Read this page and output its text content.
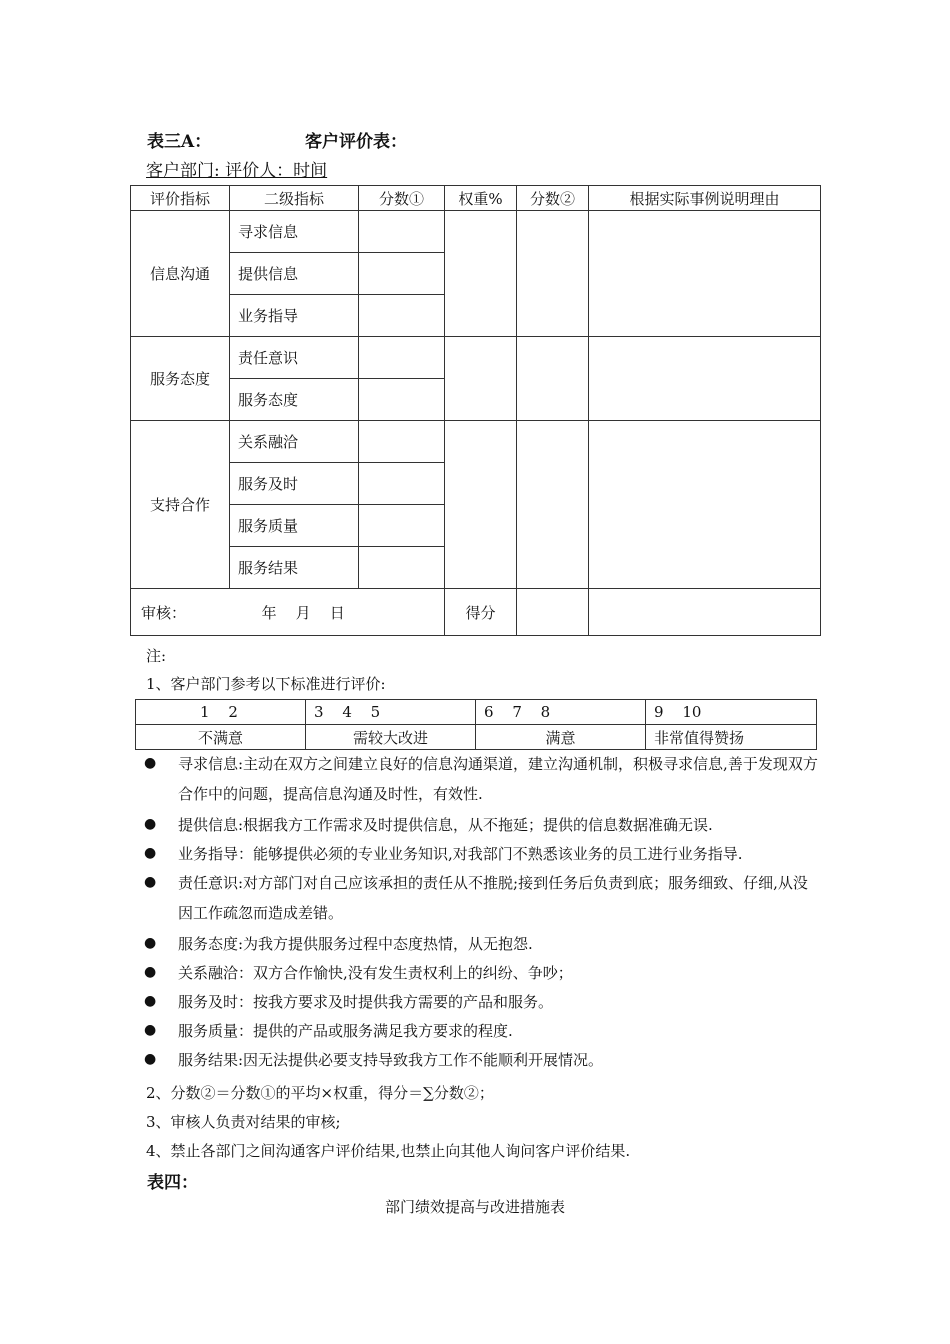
表三A：	客户评价表：
客户部门: 评价人：时间
评价指标	二级指标	分数①	权重%	分数②	根据实际事例说明理由
信息沟通	寻求信息				
	提供信息				
	业务指导				
服务态度	责任意识				
	服务态度				
支持合作	关系融洽				
	服务及时				
	服务质量				
	服务结果				
审核： 年    月    日			得分		
注:
1、客户部门参考以下标准进行评价:
1 2	3 4 5	6 7 8	9 10
不满意	需较大改进	满意	非常值得赞扬
● 寻求信息:主动在双方之间建立良好的信息沟通渠道，建立沟通机制，积极寻求信息,善于发现双方合作中的问题，提高信息沟通及时性，有效性.
● 提供信息:根据我方工作需求及时提供信息，从不拖延；提供的信息数据准确无误.
● 业务指导：能够提供必须的专业业务知识,对我部门不熟悉该业务的员工进行业务指导.
● 责任意识:对方部门对自己应该承担的责任从不推脱;接到任务后负责到底；服务细致、仔细,从没因工作疏忽而造成差错。
● 服务态度:为我方提供服务过程中态度热情，从无抱怨.
● 关系融洽：双方合作愉快,没有发生责权利上的纠纷、争吵；
● 服务及时：按我方要求及时提供我方需要的产品和服务。
● 服务质量：提供的产品或服务满足我方要求的程度.
● 服务结果:因无法提供必要支持导致我方工作不能顺利开展情况。
2、分数②＝分数①的平均×权重，得分＝∑分数②；
3、审核人负责对结果的审核;
4、禁止各部门之间沟通客户评价结果,也禁止向其他人询问客户评价结果.
表四：
部门绩效提高与改进措施表
